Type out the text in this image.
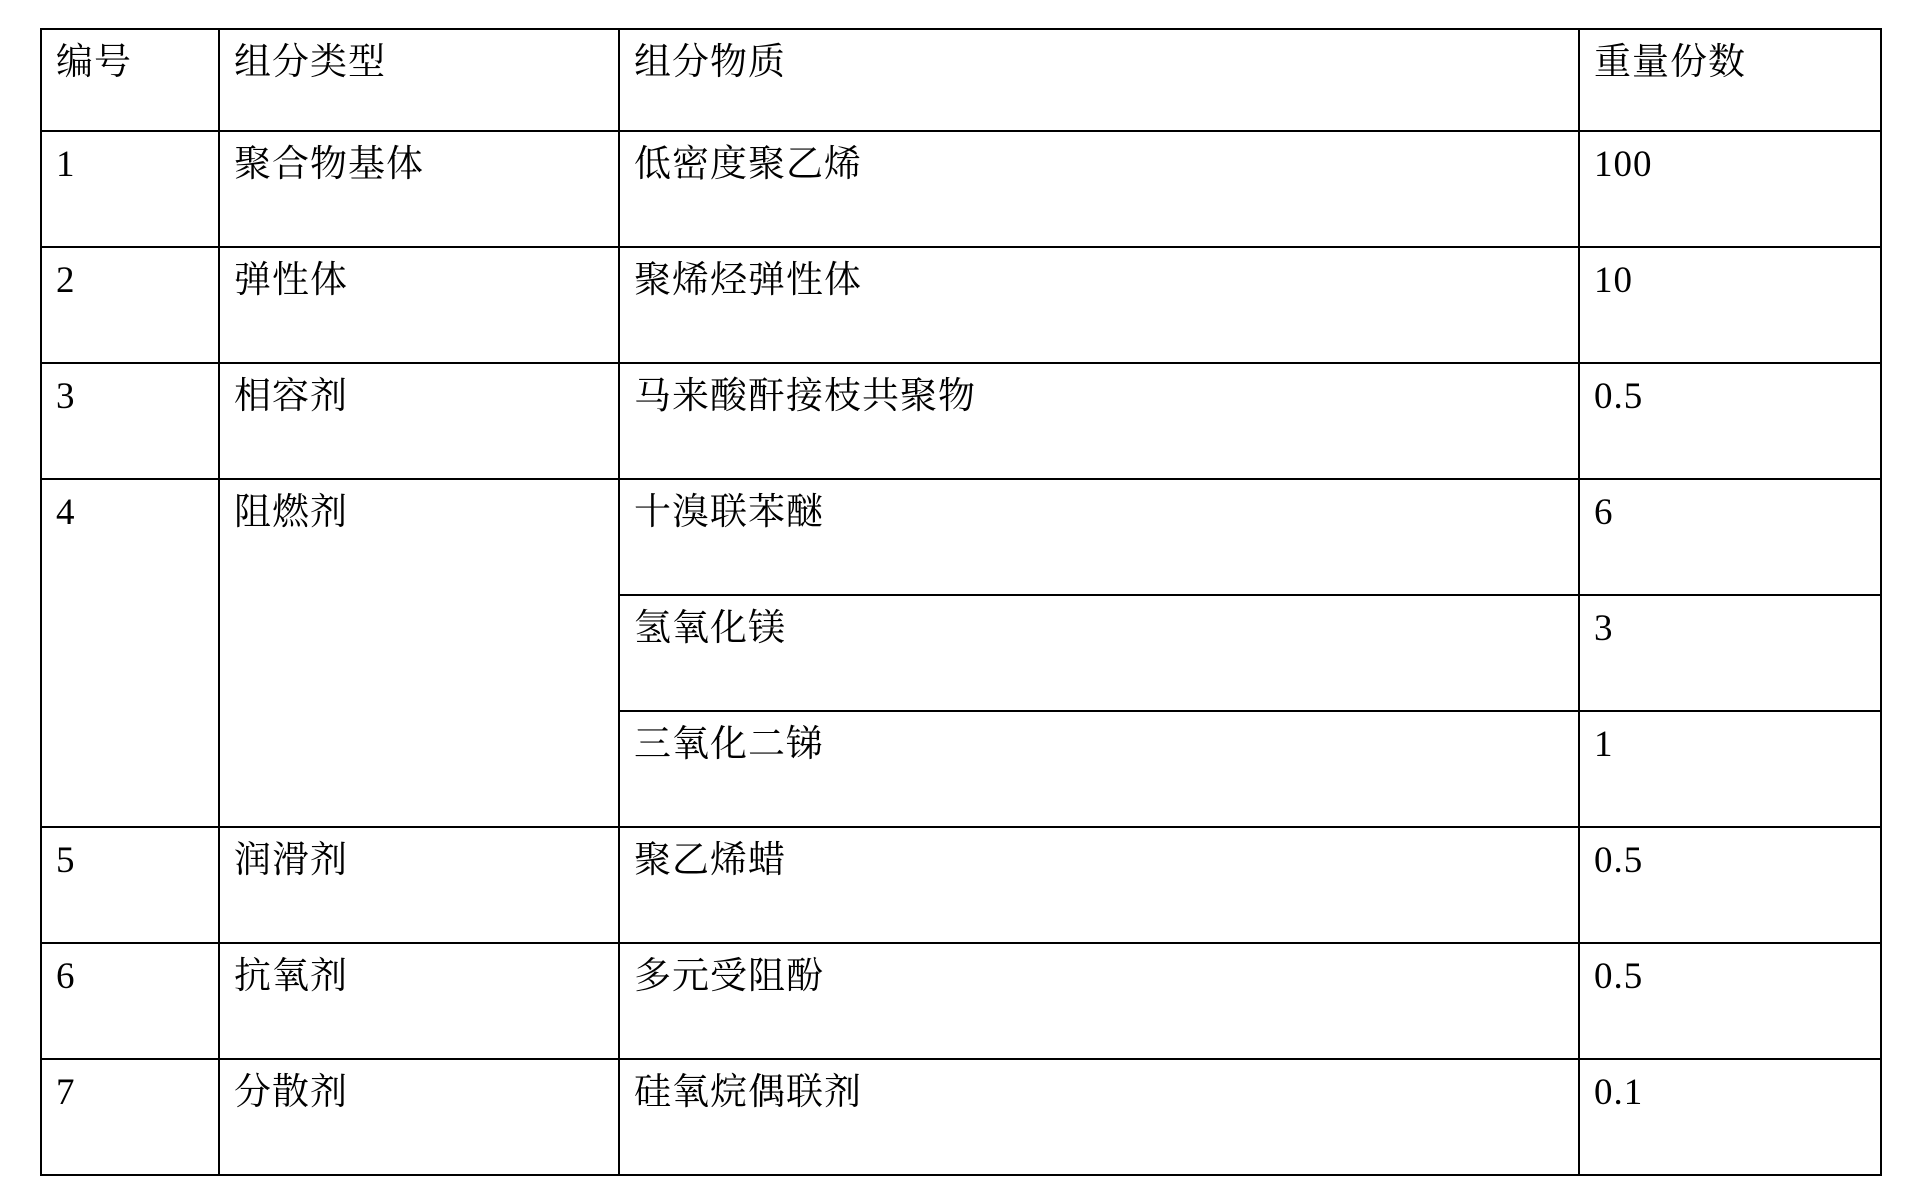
编号	组分类型	组分物质	重量份数
1	聚合物基体	低密度聚乙烯	100
2	弹性体	聚烯烃弹性体	10
3	相容剂	马来酸酐接枝共聚物	0.5
4	阻燃剂	十溴联苯醚	6
		氢氧化镁	3
		三氧化二锑	1
5	润滑剂	聚乙烯蜡	0.5
6	抗氧剂	多元受阻酚	0.5
7	分散剂	硅氧烷偶联剂	0.1
